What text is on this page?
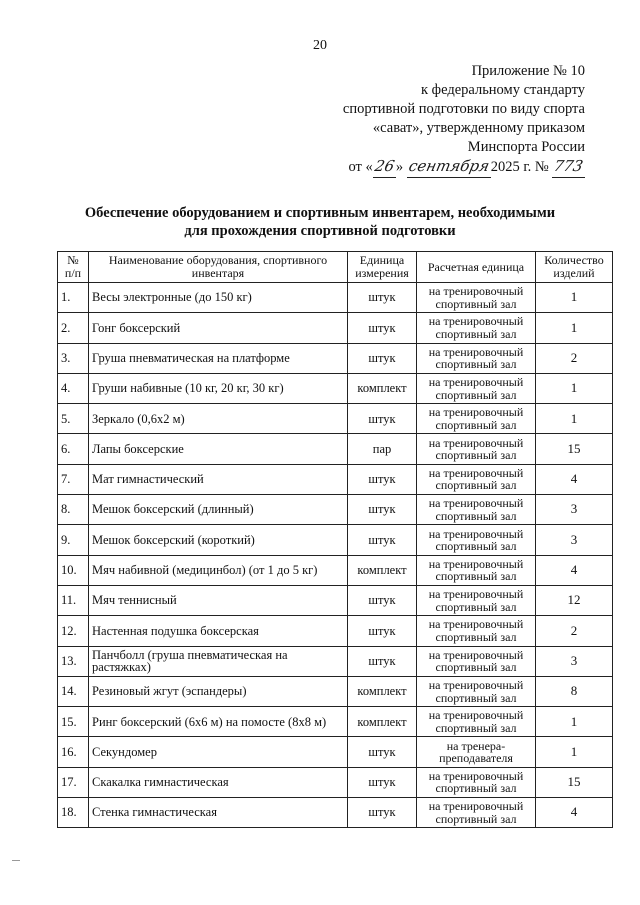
20
Приложение № 10
к федеральному стандарту
спортивной подготовки по виду спорта
«сават», утвержденному приказом
Минспорта России
от «26» сентября2025 г. № 773
Обеспечение оборудованием и спортивным инвентарем, необходимыми
для прохождения спортивной подготовки
№ п/п	Наименование оборудования, спортивного инвентаря	Единица измерения	Расчетная единица	Количество изделий
1.	Весы электронные (до 150 кг)	штук	на тренировочный спортивный зал	1
2.	Гонг боксерский	штук	на тренировочный спортивный зал	1
3.	Груша пневматическая на платформе	штук	на тренировочный спортивный зал	2
4.	Груши набивные (10 кг, 20 кг, 30 кг)	комплект	на тренировочный спортивный зал	1
5.	Зеркало (0,6х2 м)	штук	на тренировочный спортивный зал	1
6.	Лапы боксерские	пар	на тренировочный спортивный зал	15
7.	Мат гимнастический	штук	на тренировочный спортивный зал	4
8.	Мешок боксерский (длинный)	штук	на тренировочный спортивный зал	3
9.	Мешок боксерский (короткий)	штук	на тренировочный спортивный зал	3
10.	Мяч набивной (медицинбол) (от 1 до 5 кг)	комплект	на тренировочный спортивный зал	4
11.	Мяч теннисный	штук	на тренировочный спортивный зал	12
12.	Настенная подушка боксерская	штук	на тренировочный спортивный зал	2
13.	Панчболл (груша пневматическая на растяжках)	штук	на тренировочный спортивный зал	3
14.	Резиновый жгут (эспандеры)	комплект	на тренировочный спортивный зал	8
15.	Ринг боксерский (6х6 м) на помосте (8х8 м)	комплект	на тренировочный спортивный зал	1
16.	Секундомер	штук	на тренера-преподавателя	1
17.	Скакалка гимнастическая	штук	на тренировочный спортивный зал	15
18.	Стенка гимнастическая	штук	на тренировочный спортивный зал	4
